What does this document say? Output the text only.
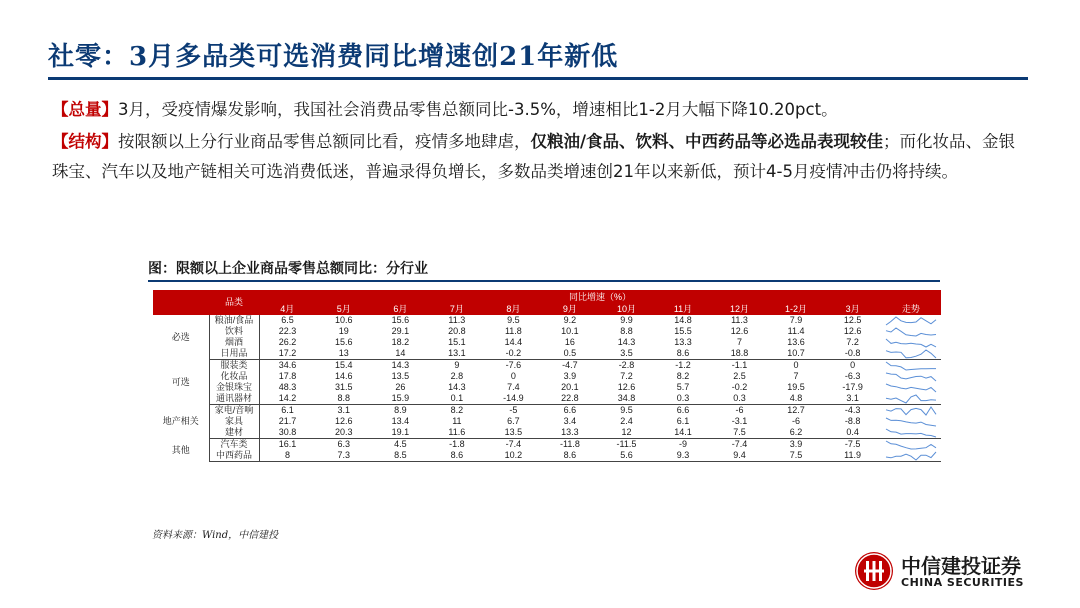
社零：3月多品类可选消费同比增速创21年新低
【总量】3月，受疫情爆发影响，我国社会消费品零售总额同比-3.5%，增速相比1-2月大幅下降10.20pct。
【结构】按限额以上分行业商品零售总额同比看，疫情多地肆虐，仅粮油/食品、饮料、中西药品等必选品表现较佳；而化妆品、金银珠宝、汽车以及地产链相关可选消费低迷，普遍录得负增长，多数品类增速创21年以来新低，预计4-5月疫情冲击仍将持续。
图：限额以上企业商品零售总额同比：分行业
	品类	同比增速（%）											
		4月	5月	6月	7月	8月	9月	10月	11月	12月	1-2月	3月	走势
必选	粮油/食品	6.5	10.6	15.6	11.3	9.5	9.2	9.9	14.8	11.3	7.9	12.5	

	饮料	22.3	19	29.1	20.8	11.8	10.1	8.8	15.5	12.6	11.4	12.6	

	烟酒	26.2	15.6	18.2	15.1	14.4	16	14.3	13.3	7	13.6	7.2	

	日用品	17.2	13	14	13.1	-0.2	0.5	3.5	8.6	18.8	10.7	-0.8	

可选	服装类	34.6	15.4	14.3	9	-7.6	-4.7	-2.8	-1.2	-1.1	0	0	

	化妆品	17.8	14.6	13.5	2.8	0	3.9	7.2	8.2	2.5	7	-6.3	

	金银珠宝	48.3	31.5	26	14.3	7.4	20.1	12.6	5.7	-0.2	19.5	-17.9	

	通讯器材	14.2	8.8	15.9	0.1	-14.9	22.8	34.8	0.3	0.3	4.8	3.1	

地产相关	家电/音响	6.1	3.1	8.9	8.2	-5	6.6	9.5	6.6	-6	12.7	-4.3	

	家具	21.7	12.6	13.4	11	6.7	3.4	2.4	6.1	-3.1	-6	-8.8	

	建材	30.8	20.3	19.1	11.6	13.5	13.3	12	14.1	7.5	6.2	0.4	

其他	汽车类	16.1	6.3	4.5	-1.8	-7.4	-11.8	-11.5	-9	-7.4	3.9	-7.5	

	中西药品	8	7.3	8.5	8.6	10.2	8.6	5.6	9.3	9.4	7.5	11.9	
资料来源：Wind，中信建投
中信建投证券
CHINA SECURITIES
